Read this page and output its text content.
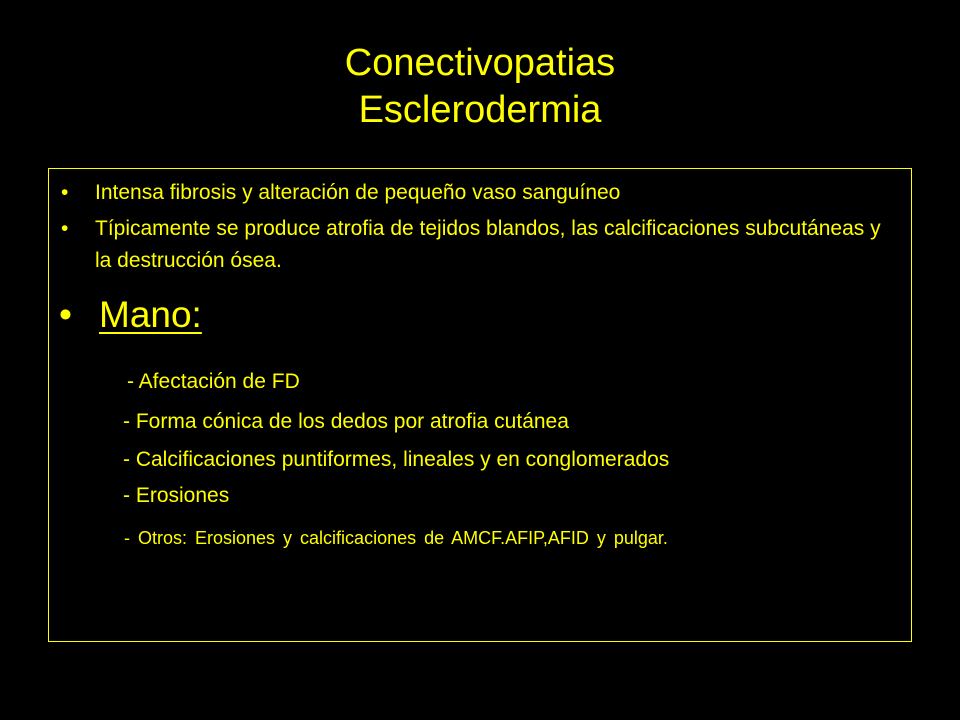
Conectivopatias
Esclerodermia
• Intensa fibrosis y alteración de pequeño vaso sanguíneo
• Típicamente se produce atrofia de tejidos blandos, las calcificaciones subcutáneas y la destrucción ósea.
• Mano:
- Afectación de FD
- Forma cónica de los dedos por atrofia cutánea
- Calcificaciones puntiformes, lineales y en conglomerados
- Erosiones
- Otros: Erosiones y calcificaciones de AMCF.AFIP,AFID y pulgar.
